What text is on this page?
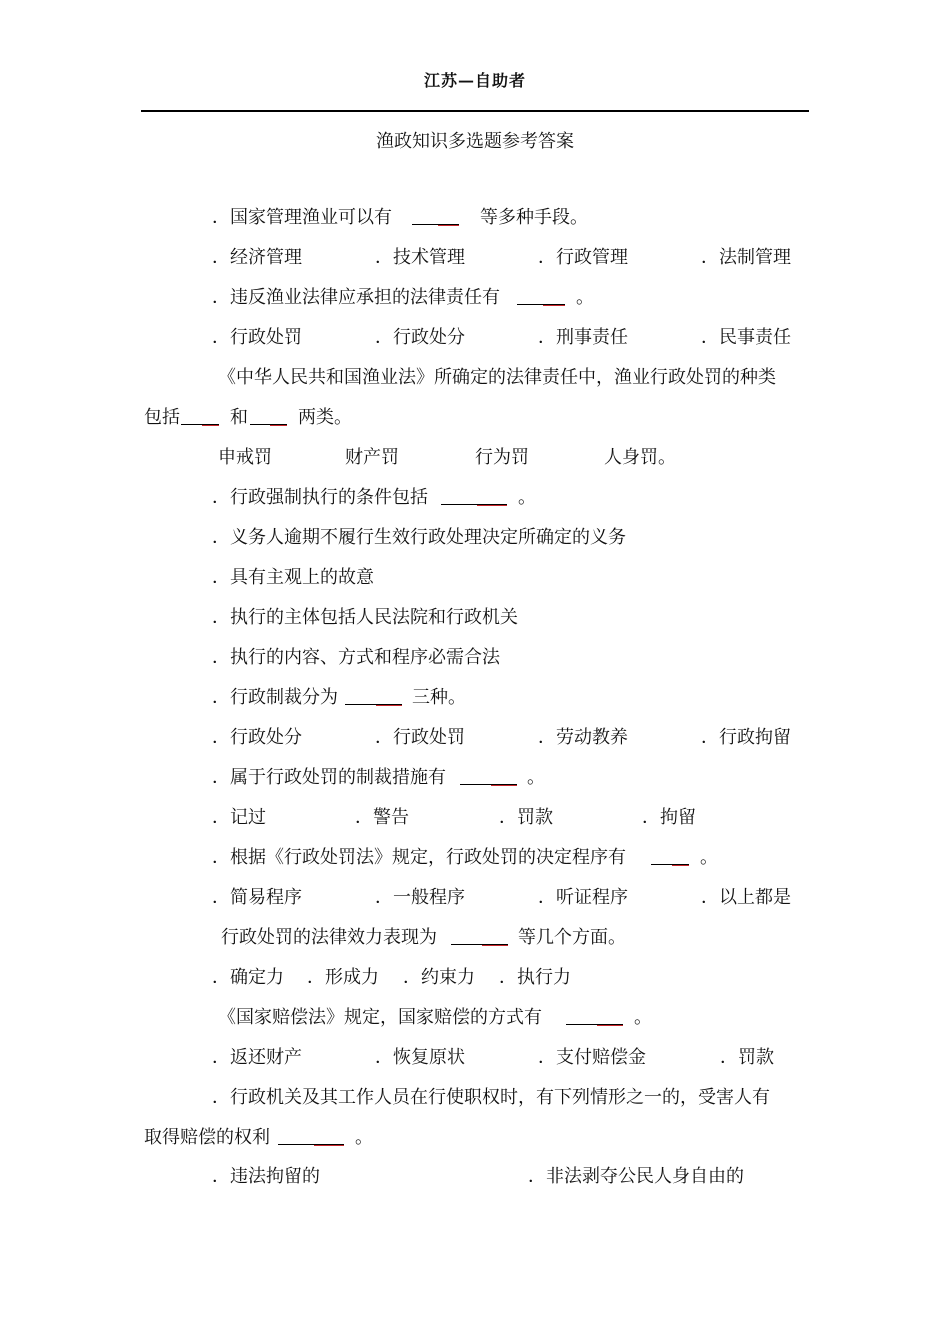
江苏—自助者
渔政知识多选题参考答案
．国家管理渔业可以有	等多种手段。
．经济管理	．技术管理	．行政管理	．法制管理
．违反渔业法律应承担的法律责任有	。
．行政处罚	．行政处分	．刑事责任	．民事责任
《中华人民共和国渔业法》所确定的法律责任中，渔业行政处罚的种类
包括	和	两类。
申戒罚	财产罚	行为罚	人身罚。
．行政强制执行的条件包括	。
．义务人逾期不履行生效行政处理决定所确定的义务
．具有主观上的故意
．执行的主体包括人民法院和行政机关
．执行的内容、方式和程序必需合法
．行政制裁分为	三种。
．行政处分	．行政处罚	．劳动教养	．行政拘留
．属于行政处罚的制裁措施有	。
．记过	．警告	．罚款	．拘留
．根据《行政处罚法》规定，行政处罚的决定程序有	。
．简易程序	．一般程序	．听证程序	．以上都是
行政处罚的法律效力表现为	等几个方面。
．确定力 ．形成力 ．约束力 ．执行力
《国家赔偿法》规定，国家赔偿的方式有	。
．返还财产	．恢复原状	．支付赔偿金	．罚款
．行政机关及其工作人员在行使职权时，有下列情形之一的，受害人有
取得赔偿的权利	。
．违法拘留的	．非法剥夺公民人身自由的
